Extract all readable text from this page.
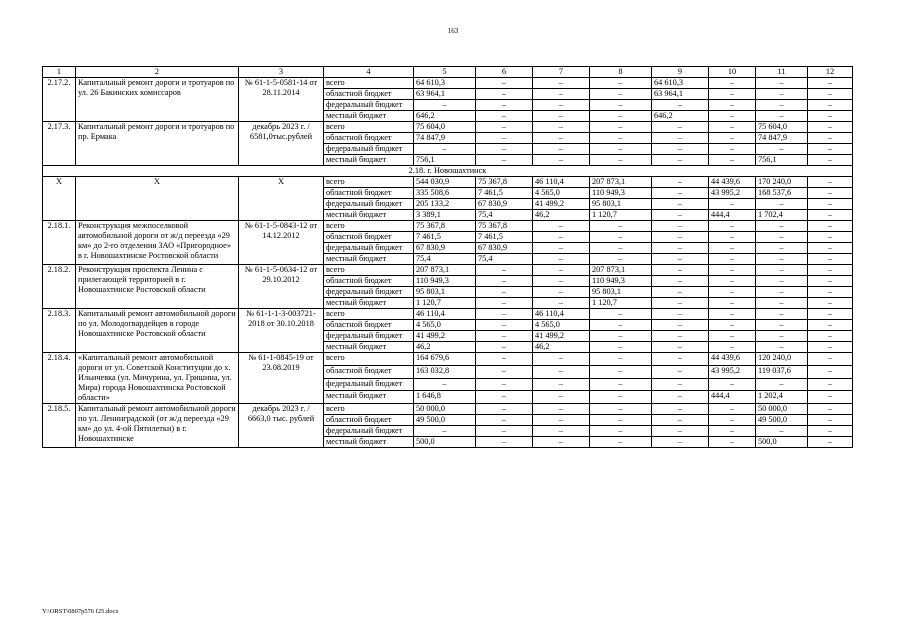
163
1	2	3	4	5	6	7	8	9	10	11	12
2.17.2.	Капитальный ремонт дороги и тротуаров по ул. 26 Бакинских комиссаров	№ 61-1-5-0581-14 от 28.11.2014	всего	64 610,3	–	–	–	64 610,3	–	–	–
			областной бюджет	63 964,1	–	–	–	63 964,1	–	–	–
			федеральный бюджет	–	–	–	–	–	–	–	–
			местный бюджет	646,2	–	–	–	646,2	–	–	–
2.17.3.	Капитальный ремонт дороги и тротуаров по пр. Ермака	декабрь 2023 г. / 6581,0тыс.рублей	всего	75 604,0	–	–	–	–	–	75 604,0	–
			областной бюджет	74 847,9	–	–	–	–	–	74 847,9	–
			федеральный бюджет	–	–	–	–	–	–	–	–
			местный бюджет	756,1	–	–	–	–	–	756,1	–
2.18. г. Новошахтинск											
Х	Х	Х	всего	544 030,9	75 367,8	46 110,4	207 873,1	–	44 439,6	170 240,0	–
			областной бюджет	335 508,6	7 461,5	4 565,0	110 949,3	–	43 995,2	168 537,6	–
			федеральный бюджет	205 133,2	67 830,9	41 499,2	95 803,1	–	–	–	–
			местный бюджет	3 389,1	75,4	46,2	1 120,7	–	444,4	1 702,4	–
2.18.1.	Реконструкция межпоселковой автомобильной дороги от ж/д переезда «29 км» до 2-го отделения ЗАО «Пригородное» в г. Новошахтинске Ростовской области	№ 61-1-5-0843-12 от 14.12.2012	всего	75 367,8	75 367,8	–	–	–	–	–	–
			областной бюджет	7 461,5	7 461,5	–	–	–	–	–	–
			федеральный бюджет	67 830,9	67 830,9	–	–	–	–	–	–
			местный бюджет	75,4	75,4	–	–	–	–	–	–
2.18.2.	Реконструкция проспекта Ленина с прилегающей территорией в г. Новошахтинске Ростовской области	№ 61-1-5-0634-12 от 29.10.2012	всего	207 873,1	–	–	207 873,1	–	–	–	–
			областной бюджет	110 949,3	–	–	110 949,3	–	–	–	–
			федеральный бюджет	95 803,1	–	–	95 803,1	–	–	–	–
			местный бюджет	1 120,7	–	–	1 120,7	–	–	–	–
2.18.3.	Капитальный ремонт автомобильной дороги по ул. Молодогвардейцев в городе Новошахтинске Ростовской области	№ 61-1-1-3-003721-2018 от 30.10.2018	всего	46 110,4	–	46 110,4	–	–	–	–	–
			областной бюджет	4 565,0	–	4 565,0	–	–	–	–	–
			федеральный бюджет	41 499,2	–	41 499,2	–	–	–	–	–
			местный бюджет	46,2	–	46,2	–	–	–	–	–
2.18.4.	«Капитальный ремонт автомобильной дороги от ул. Советской Конституции до х. Ильичевка (ул. Мичурина, ул. Гришина, ул. Мира) города Новошахтинска Ростовской области»	№ 61-1-0845-19 от 23.08.2019	всего	164 679,6	–	–	–	–	44 439,6	120 240,0	–
			областной бюджет	163 032,8	–	–	–	–	43 995,2	119 037,6	–
			федеральный бюджет	–	–	–	–	–	–	–	–
			местный бюджет	1 646,8	–	–	–	–	444,4	1 202,4	–
2.18.5.	Капитальный ремонт автомобильной дороги по ул. Ленинградской (от ж/д переезда «29 км» до ул. 4-ой Пятилетки) в г. Новошахтинске	декабрь 2023 г. / 6663,0 тыс. рублей	всего	50 000,0	–	–	–	–	–	50 000,0	–
			областной бюджет	49 500,0	–	–	–	–	–	49 500,0	–
			федеральный бюджет	–	–	–	–	–	–	–	–
			местный бюджет	500,0	–	–	–	–	–	500,0	–
Y:\ORST\0807p576 f25.docx
